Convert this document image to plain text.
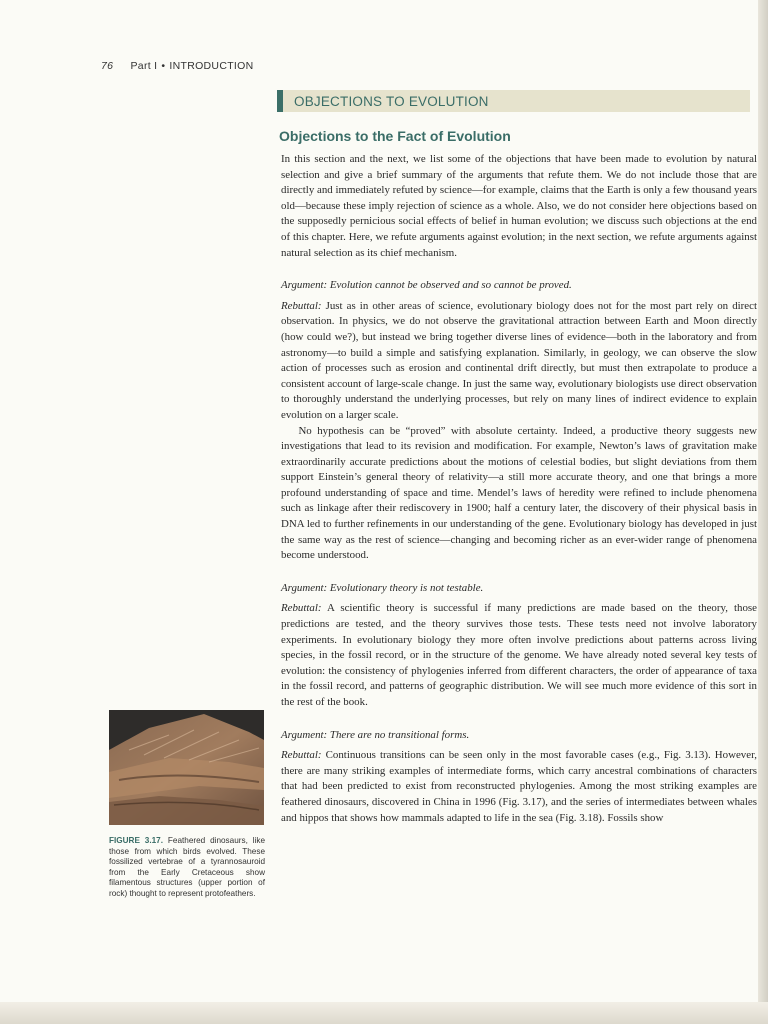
76 Part I • INTRODUCTION
OBJECTIONS TO EVOLUTION
Objections to the Fact of Evolution

In this section and the next, we list some of the objections that have been made to evolution by natural selection and give a brief summary of the arguments that refute them. We do not include those that are directly and immediately refuted by science—for example, claims that the Earth is only a few thousand years old—because these imply rejection of science as a whole. Also, we do not consider here objections based on the supposedly pernicious social effects of belief in human evolution; we discuss such objections at the end of this chapter. Here, we refute arguments against evolution; in the next section, we refute arguments against natural selection as its chief mechanism.

Argument: Evolution cannot be observed and so cannot be proved.

Rebuttal: Just as in other areas of science, evolutionary biology does not for the most part rely on direct observation. In physics, we do not observe the gravitational attraction between Earth and Moon directly (how could we?), but instead we bring together diverse lines of evidence—both in the laboratory and from astronomy—to build a simple and satisfying explanation. Similarly, in geology, we can observe the slow action of processes such as erosion and continental drift directly, but must then extrapolate to produce a consistent account of large-scale change. In just the same way, evolutionary biologists use direct observation to thoroughly understand the underlying processes, but rely on many lines of indirect evidence to explain evolution on a larger scale.

No hypothesis can be “proved” with absolute certainty. Indeed, a productive theory suggests new investigations that lead to its revision and modification. For example, Newton’s laws of gravitation make extraordinarily accurate predictions about the motions of celestial bodies, but slight deviations from them support Einstein’s general theory of relativity—a still more accurate theory, and one that brings a more profound understanding of space and time. Mendel’s laws of heredity were refined to include phenomena such as linkage after their rediscovery in 1900; half a century later, the discovery of their physical basis in DNA led to further refinements in our understanding of the gene. Evolutionary biology has developed in just the same way as the rest of science—changing and becoming richer as an ever-wider range of phenomena become understood.

Argument: Evolutionary theory is not testable.

Rebuttal: A scientific theory is successful if many predictions are made based on the theory, those predictions are tested, and the theory survives those tests. These tests need not involve laboratory experiments. In evolutionary biology they more often involve predictions about patterns across living species, in the fossil record, or in the structure of the genome. We have already noted several key tests of evolution: the consistency of phylogenies inferred from different characters, the order of appearance of taxa in the fossil record, and patterns of geographic distribution. We will see much more evidence of this sort in the rest of the book.

Argument: There are no transitional forms.

Rebuttal: Continuous transitions can be seen only in the most favorable cases (e.g., Fig. 3.13). However, there are many striking examples of intermediate forms, which carry ancestral combinations of characters that had been predicted to exist from reconstructed phylogenies. Among the most striking examples are feathered dinosaurs, discovered in China in 1996 (Fig. 3.17), and the series of intermediates between whales and hippos that shows how mammals adapted to life in the sea (Fig. 3.18). Fossils show

FIGURE 3.17. Feathered dinosaurs, like those from which birds evolved. These fossilized vertebrae of a tyrannosauroid from the Early Cretaceous show filamentous structures (upper portion of rock) thought to represent protofeathers.
